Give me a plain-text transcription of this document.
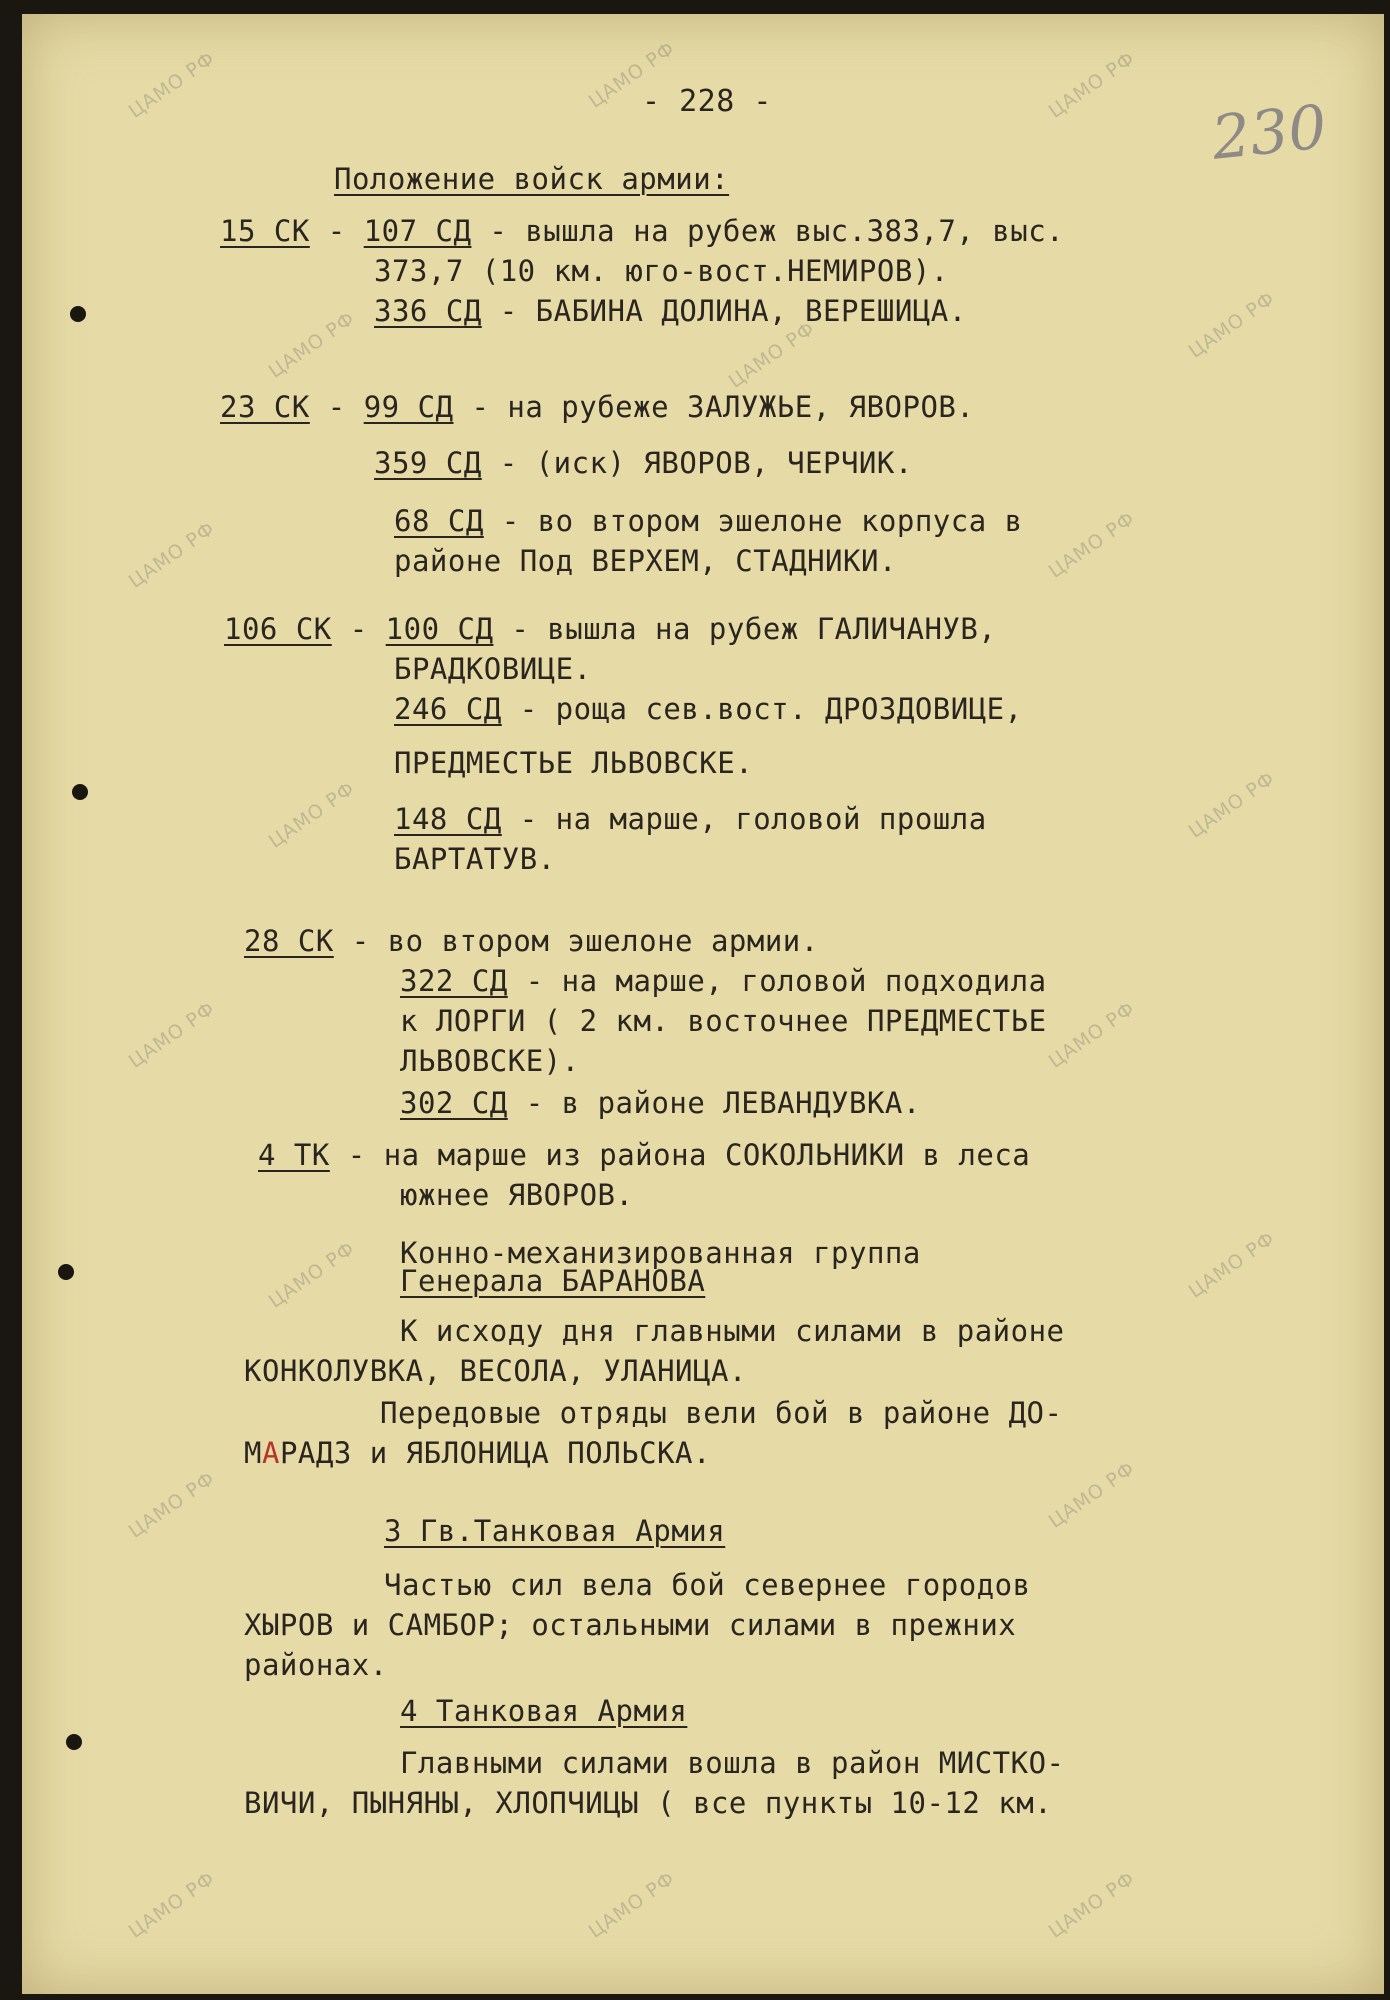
ЦАМО РФ	ЦАМО РФ	ЦАМО РФ
ЦАМО РФ	ЦАМО РФ	ЦАМО РФ
ЦАМО РФ	ЦАМО РФ
ЦАМО РФ	ЦАМО РФ
ЦАМО РФ	ЦАМО РФ
ЦАМО РФ	ЦАМО РФ
ЦАМО РФ	ЦАМО РФ
ЦАМО РФ
ЦАМО РФ	ЦАМО РФ
- 228 -	230
Положение войск армии:
15 СК - 107 СД - вышла на рубеж выс.383,7, выс.
373,7 (10 км. юго-вост.НЕМИРОВ).
336 СД - БАБИНА ДОЛИНА, ВЕРЕШИЦА.
23 СК - 99 СД - на рубеже ЗАЛУЖЬЕ, ЯВОРОВ.
359 СД - (иск) ЯВОРОВ, ЧЕРЧИК.
68 СД - во втором эшелоне корпуса в
районе Под ВЕРХЕМ, СТАДНИКИ.
106 СК - 100 СД - вышла на рубеж ГАЛИЧАНУВ,
БРАДКОВИЦЕ.
246 СД - роща сев.вост. ДРОЗДОВИЦЕ,
ПРЕДМЕСТЬЕ ЛЬВОВСКЕ.
148 СД - на марше, головой прошла
БАРТАТУВ.
28 СК - во втором эшелоне армии.
322 СД - на марше, головой подходила
к ЛОРГИ ( 2 км. восточнее ПРЕДМЕСТЬЕ
ЛЬВОВСКЕ).
302 СД - в районе ЛЕВАНДУВКА.
4 ТК - на марше из района СОКОЛЬНИКИ в леса
южнее ЯВОРОВ.
Конно-механизированная группа
Генерала БАРАНОВА
К исходу дня главными силами в районе
КОНКОЛУВКА, ВЕСОЛА, УЛАНИЦА.
Передовые отряды вели бой в районе ДО-
МАРАДЗ и ЯБЛОНИЦА ПОЛЬСКА.
3 Гв.Танковая Армия
Частью сил вела бой севернее городов
ХЫРОВ и САМБОР; остальными силами в прежних
районах.
4 Танковая Армия
Главными силами вошла в район МИСТКО-
ВИЧИ, ПЫНЯНЫ, ХЛОПЧИЦЫ ( все пункты 10-12 км.
